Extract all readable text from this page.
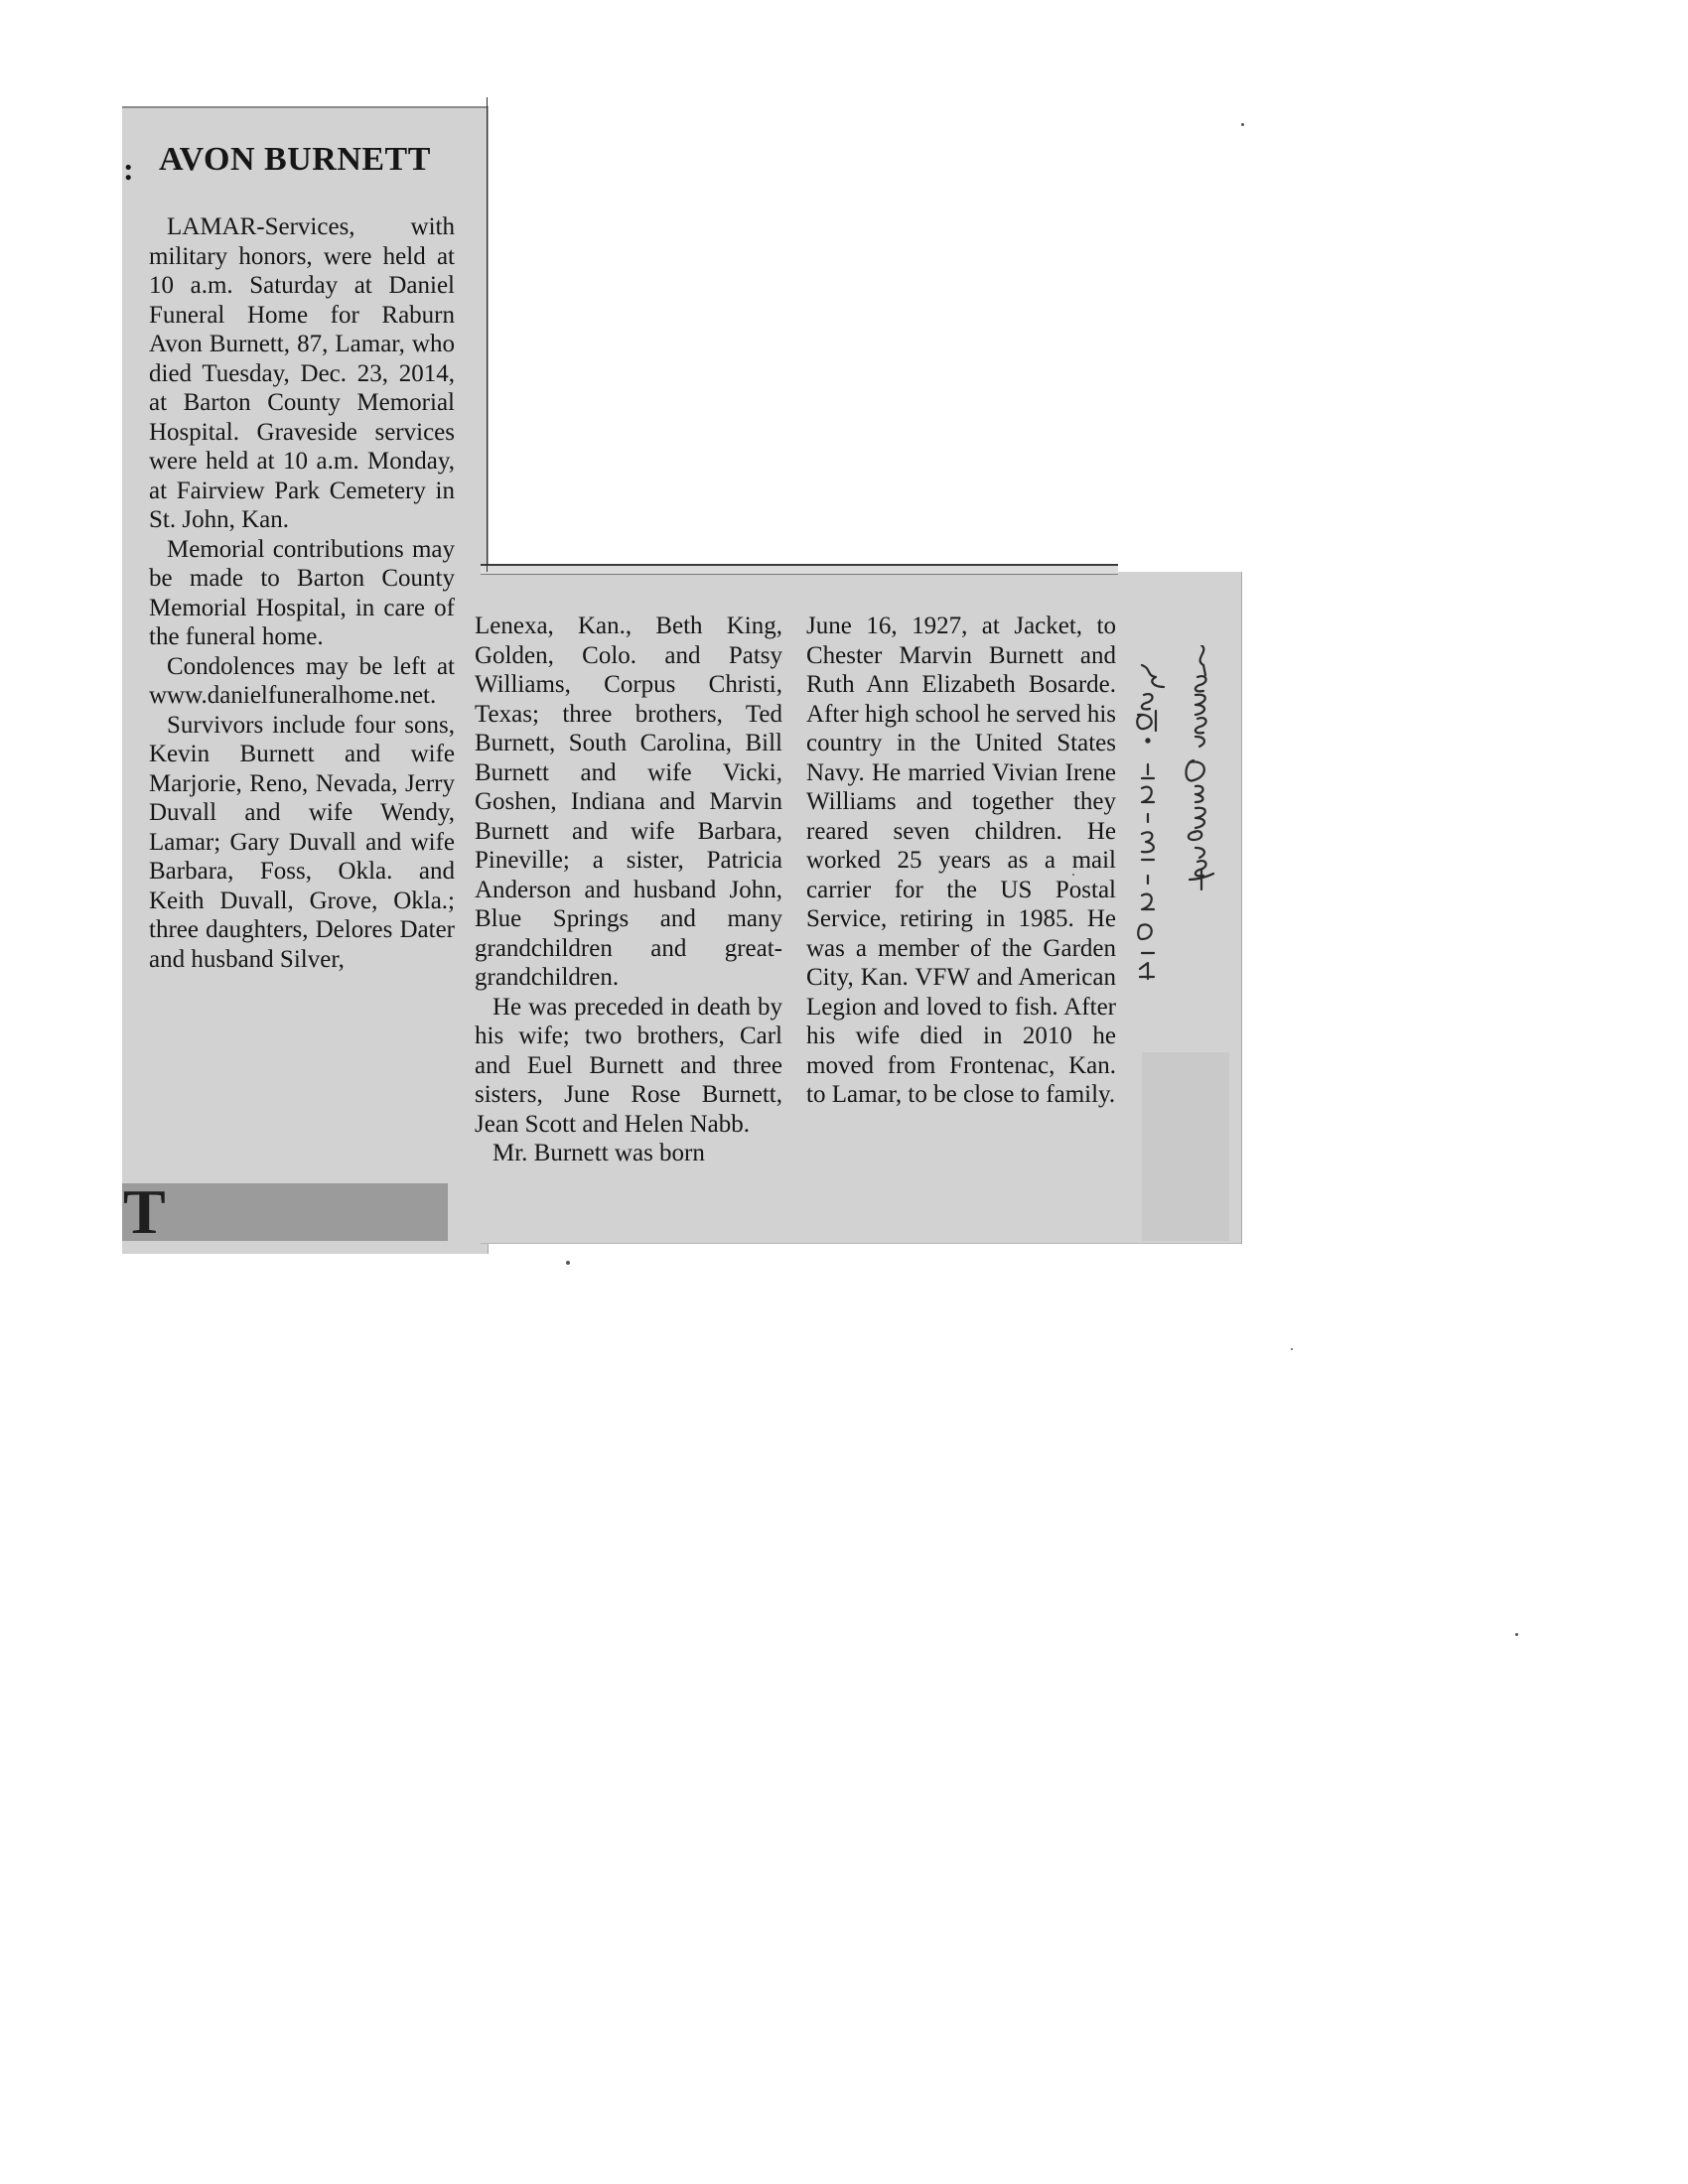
: AVON BURNETT

LAMAR-Services, with military honors, were held at 10 a.m. Saturday at Daniel Funeral Home for Raburn Avon Burnett, 87, Lamar, who died Tuesday, Dec. 23, 2014, at Barton County Memorial Hospital. Graveside services were held at 10 a.m. Monday, at Fairview Park Cemetery in St. John, Kan.

Memorial contributions may be made to Barton County Memorial Hospital, in care of the funeral home.

Condolences may be left at www.danielfuneralhome.net.

Survivors include four sons, Kevin Burnett and wife Marjorie, Reno, Nevada, Jerry Duvall and wife Wendy, Lamar; Gary Duvall and wife Barbara, Foss, Okla. and Keith Duvall, Grove, Okla.; three daughters, Delores Dater and husband Silver,

Lenexa, Kan., Beth King, Golden, Colo. and Patsy Williams, Corpus Christi, Texas; three brothers, Ted Burnett, South Carolina, Bill Burnett and wife Vicki, Goshen, Indiana and Marvin Burnett and wife Barbara, Pineville; a sister, Patricia Anderson and husband John, Blue Springs and many grandchildren and great-grandchildren.

He was preceded in death by his wife; two brothers, Carl and Euel Burnett and three sisters, June Rose Burnett, Jean Scott and Helen Nabb.

Mr. Burnett was born

June 16, 1927, at Jacket, to Chester Marvin Burnett and Ruth Ann Elizabeth Bosarde. After high school he served his country in the United States Navy. He married Vivian Irene Williams and together they reared seven children. He worked 25 years as a mail carrier for the US Postal Service, retiring in 1985. He was a member of the Garden City, Kan. VFW and American Legion and loved to fish. After his wife died in 2010 he moved from Frontenac, Kan. to Lamar, to be close to family.

T
